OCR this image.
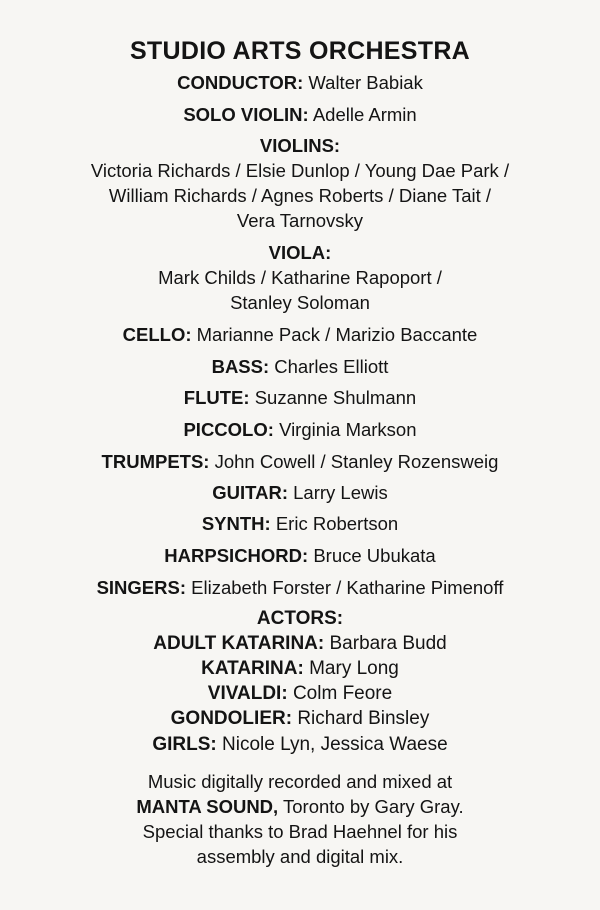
STUDIO ARTS ORCHESTRA
CONDUCTOR: Walter Babiak
SOLO VIOLIN: Adelle Armin
VIOLINS:
Victoria Richards / Elsie Dunlop / Young Dae Park /
William Richards / Agnes Roberts / Diane Tait /
Vera Tarnovsky
VIOLA:
Mark Childs / Katharine Rapoport /
Stanley Soloman
CELLO: Marianne Pack / Marizio Baccante
BASS: Charles Elliott
FLUTE: Suzanne Shulmann
PICCOLO: Virginia Markson
TRUMPETS: John Cowell / Stanley Rozensweig
GUITAR: Larry Lewis
SYNTH: Eric Robertson
HARPSICHORD: Bruce Ubukata
SINGERS: Elizabeth Forster / Katharine Pimenoff
ACTORS:
ADULT KATARINA: Barbara Budd
KATARINA: Mary Long
VIVALDI: Colm Feore
GONDOLIER: Richard Binsley
GIRLS: Nicole Lyn, Jessica Waese
Music digitally recorded and mixed at
MANTA SOUND, Toronto by Gary Gray.
Special thanks to Brad Haehnel for his
assembly and digital mix.
